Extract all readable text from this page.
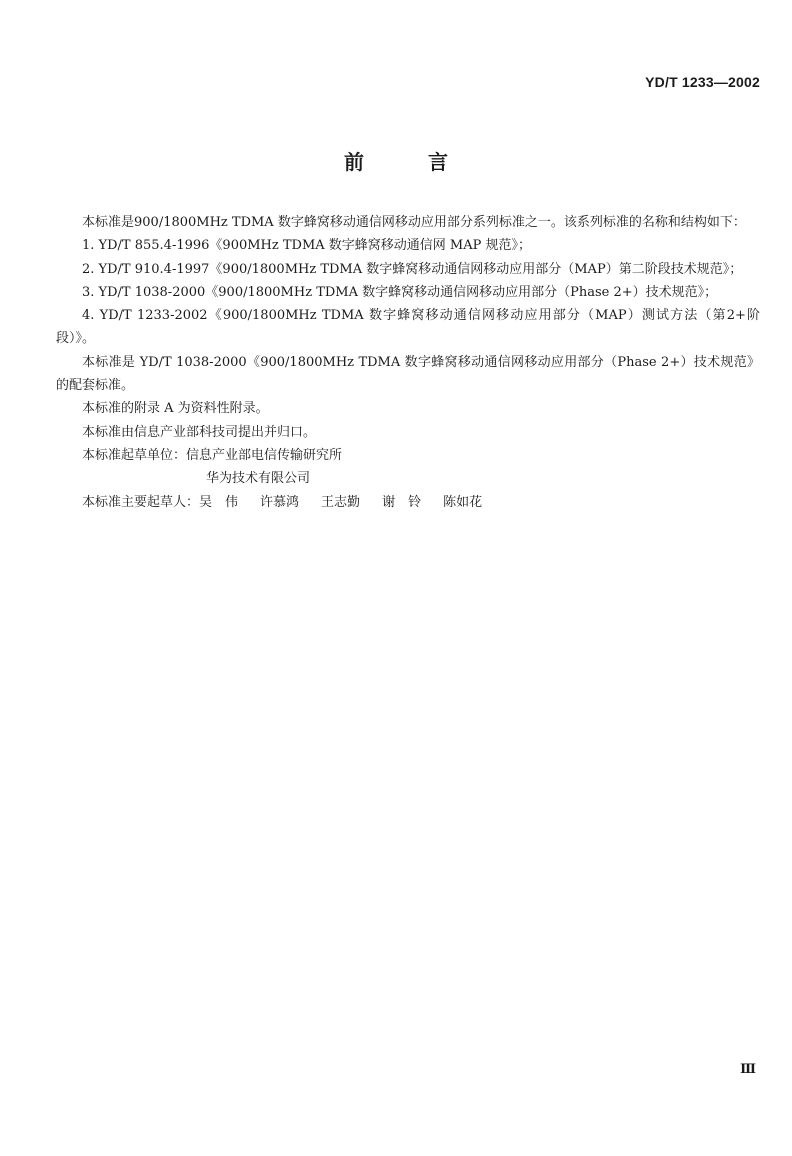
YD/T 1233—2002
前	言

本标准是900/1800MHz TDMA 数字蜂窝移动通信网移动应用部分系列标准之一。该系列标准的名称和结构如下：

1. YD/T 855.4-1996《900MHz TDMA 数字蜂窝移动通信网 MAP 规范》；

2. YD/T 910.4-1997《900/1800MHz TDMA 数字蜂窝移动通信网移动应用部分（MAP）第二阶段技术规范》；

3. YD/T 1038-2000《900/1800MHz TDMA 数字蜂窝移动通信网移动应用部分（Phase 2+）技术规范》；

4. YD/T 1233-2002《900/1800MHz TDMA 数字蜂窝移动通信网移动应用部分（MAP）测试方法（第2+阶段）》。

本标准是 YD/T 1038-2000《900/1800MHz TDMA 数字蜂窝移动通信网移动应用部分（Phase 2+）技术规范》的配套标准。

本标准的附录 A 为资料性附录。

本标准由信息产业部科技司提出并归口。

本标准起草单位：信息产业部电信传输研究所
华为技术有限公司

本标准主要起草人：吴　伟 许慕鸿 王志勤 谢　铃 陈如花

Ⅲ
